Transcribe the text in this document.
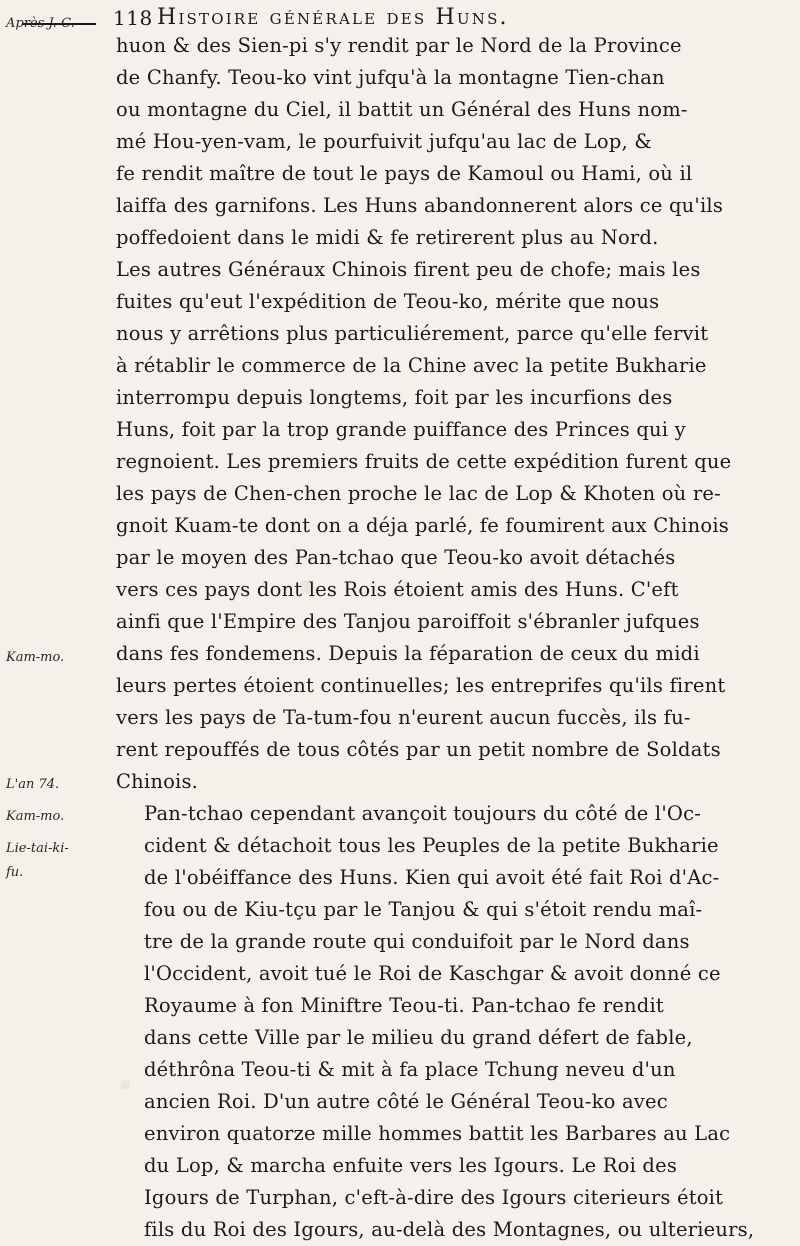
118 Histoire générale des Huns.
Après J.-C.
Kam-mo.
L'an 74.
Kam-mo.
Lie-tai-ki-
fu.

huon & des Sien-pi s'y rendit par le Nord de la Province
de Chanfy. Teou-ko vint jufqu'à la montagne Tien-chan
ou montagne du Ciel, il battit un Général des Huns nom-
mé Hou-yen-vam, le pourfuivit jufqu'au lac de Lop, &
fe rendit maître de tout le pays de Kamoul ou Hami, où il
laiffa des garnifons. Les Huns abandonnerent alors ce qu'ils
poffedoient dans le midi & fe retirerent plus au Nord.
Les autres Généraux Chinois firent peu de chofe; mais les
fuites qu'eut l'expédition de Teou-ko, mérite que nous
nous y arrêtions plus particuliérement, parce qu'elle fervit
à rétablir le commerce de la Chine avec la petite Bukharie
interrompu depuis longtems, foit par les incurfions des
Huns, foit par la trop grande puiffance des Princes qui y
regnoient. Les premiers fruits de cette expédition furent que
les pays de Chen-chen proche le lac de Lop & Khoten où re-
gnoit Kuam-te dont on a déja parlé, fe foumirent aux Chinois
par le moyen des Pan-tchao que Teou-ko avoit détachés
vers ces pays dont les Rois étoient amis des Huns. C'eft
ainfi que l'Empire des Tanjou paroiffoit s'ébranler jufques
dans fes fondemens. Depuis la féparation de ceux du midi
leurs pertes étoient continuelles; les entreprifes qu'ils firent
vers les pays de Ta-tum-fou n'eurent aucun fuccès, ils fu-
rent repouffés de tous côtés par un petit nombre de Soldats
Chinois.

Pan-tchao cependant avançoit toujours du côté de l'Oc-
cident & détachoit tous les Peuples de la petite Bukharie
de l'obéiffance des Huns. Kien qui avoit été fait Roi d'Ac-
fou ou de Kiu-tçu par le Tanjou & qui s'étoit rendu maî-
tre de la grande route qui conduifoit par le Nord dans
l'Occident, avoit tué le Roi de Kaschgar & avoit donné ce
Royaume à fon Miniftre Teou-ti. Pan-tchao fe rendit
dans cette Ville par le milieu du grand défert de fable,
déthrôna Teou-ti & mit à fa place Tchung neveu d'un
ancien Roi. D'un autre côté le Général Teou-ko avec
environ quatorze mille hommes battit les Barbares au Lac
du Lop, & marcha enfuite vers les Igours. Le Roi des
Igours de Turphan, c'eft-à-dire des Igours citerieurs étoit
fils du Roi des Igours, au-delà des Montagnes, ou ulterieurs,
